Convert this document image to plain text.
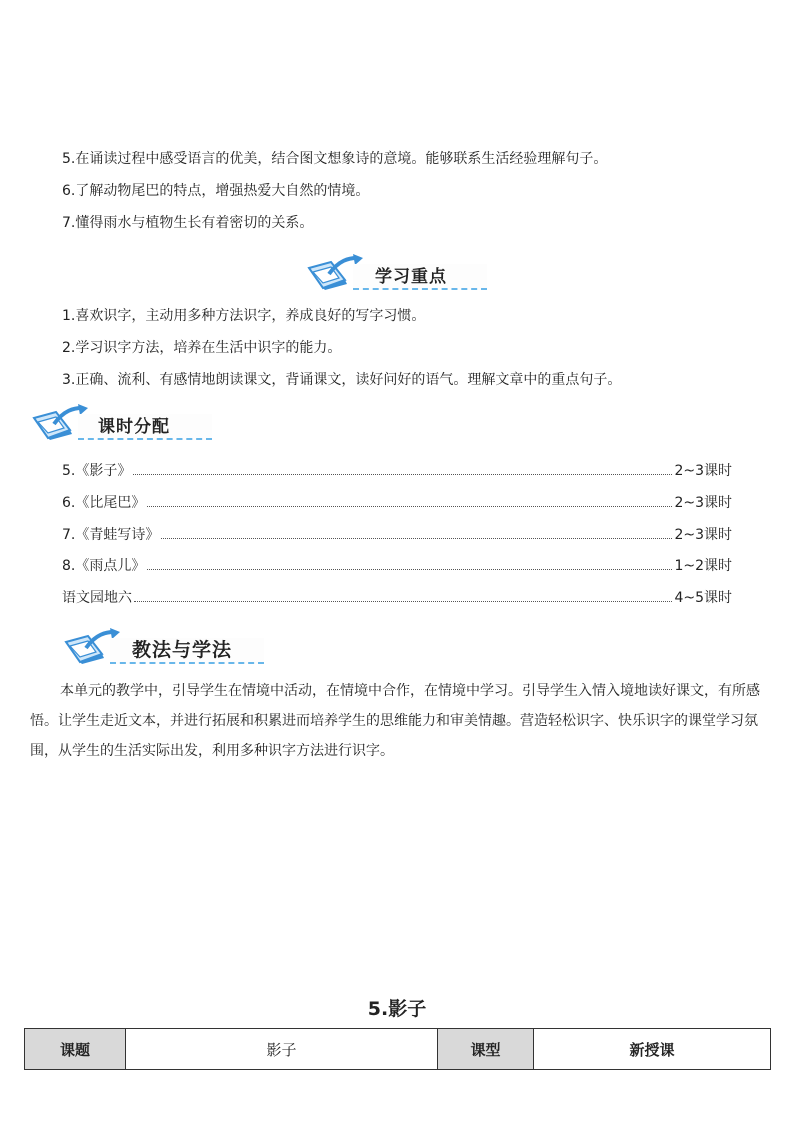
5.在诵读过程中感受语言的优美，结合图文想象诗的意境。能够联系生活经验理解句子。
6.了解动物尾巴的特点，增强热爱大自然的情境。
7.懂得雨水与植物生长有着密切的关系。
学习重点
1.喜欢识字，主动用多种方法识字，养成良好的写字习惯。
2.学习识字方法，培养在生活中识字的能力。
3.正确、流利、有感情地朗读课文，背诵课文，读好问好的语气。理解文章中的重点句子。
课时分配
5.《影子》	2~3课时
6.《比尾巴》	2~3课时
7.《青蛙写诗》	2~3课时
8.《雨点儿》	1~2课时
语文园地六	4~5课时
教法与学法
本单元的教学中，引导学生在情境中活动，在情境中合作，在情境中学习。引导学生入情入境地读好课文，有所感悟。让学生走近文本，并进行拓展和积累进而培养学生的思维能力和审美情趣。营造轻松识字、快乐识字的课堂学习氛围，从学生的生活实际出发，利用多种识字方法进行识字。
5.影子
课题	影子	课型	新授课
